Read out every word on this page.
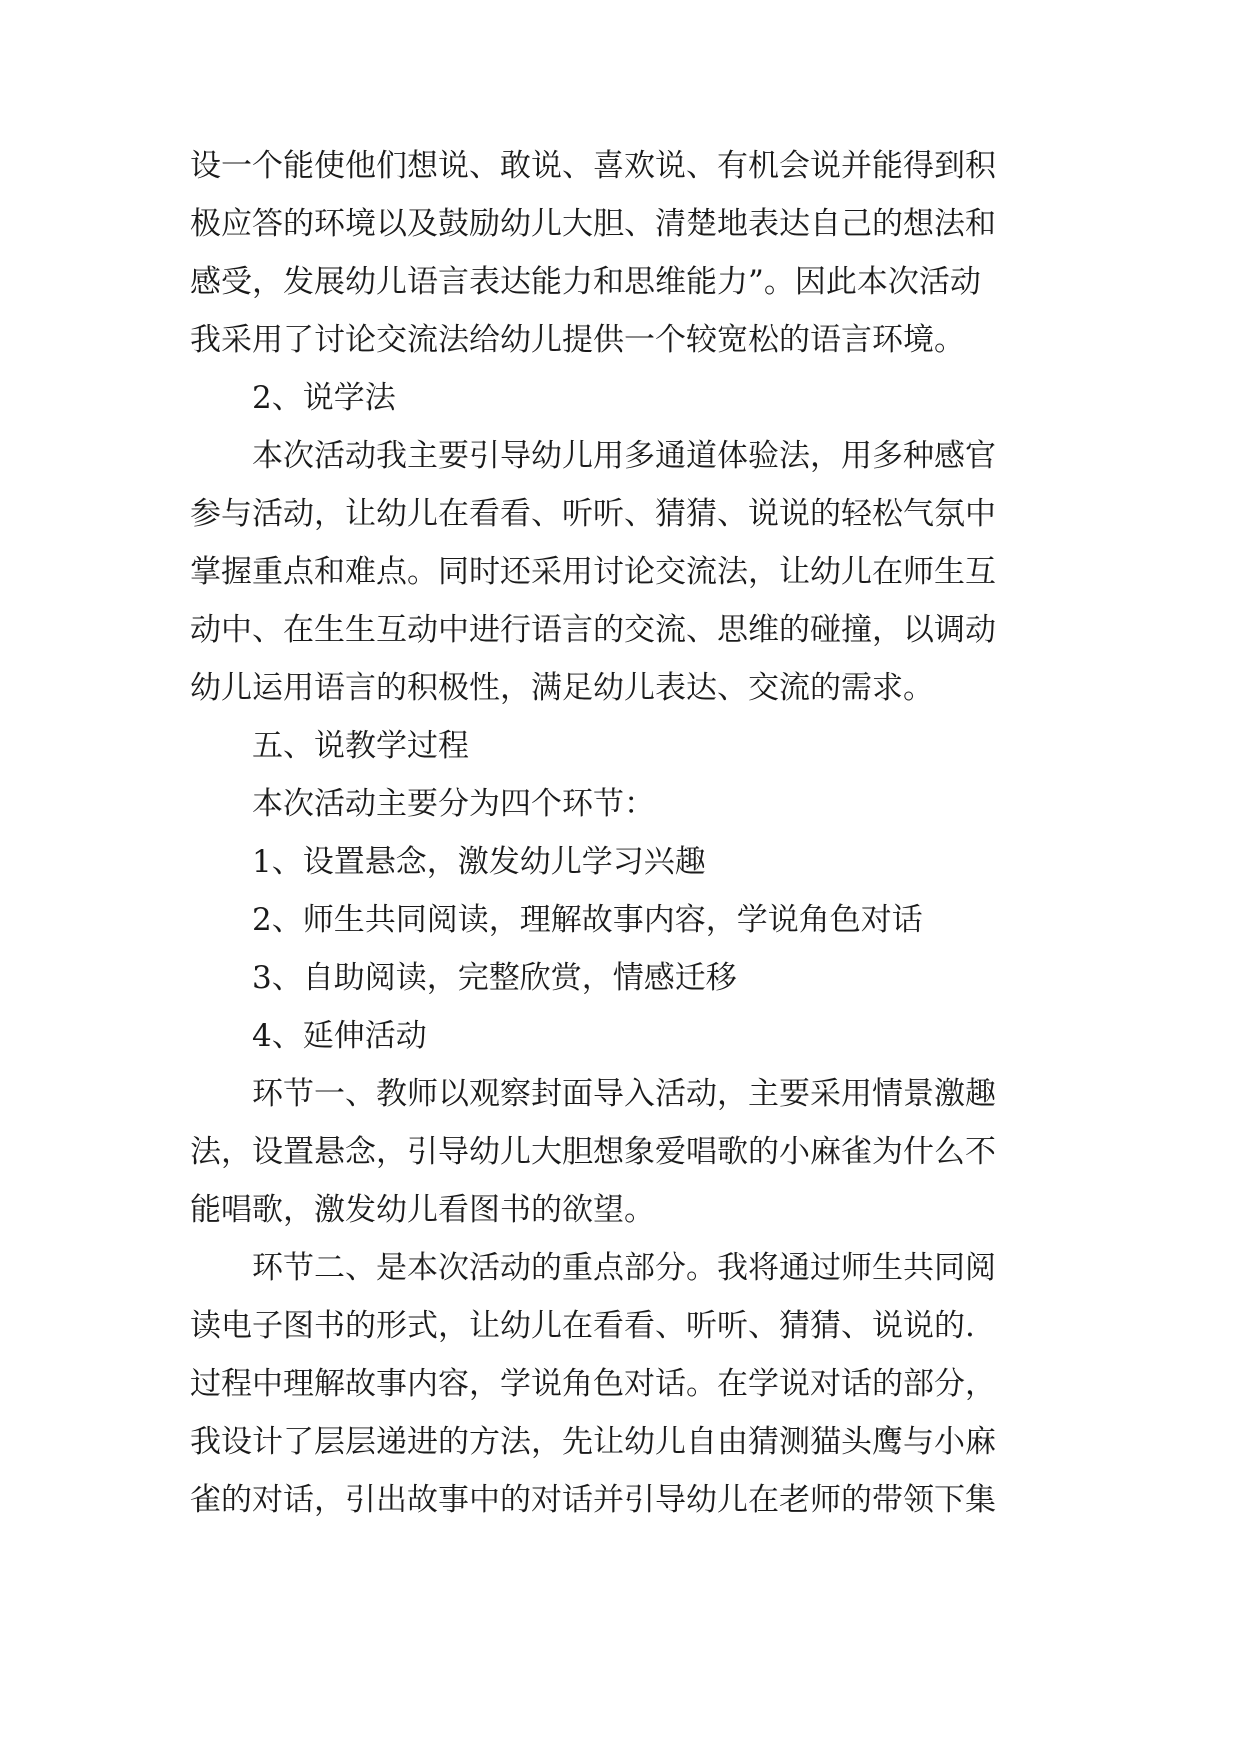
设一个能使他们想说、敢说、喜欢说、有机会说并能得到积
极应答的环境以及鼓励幼儿大胆、清楚地表达自己的想法和
感受，发展幼儿语言表达能力和思维能力”。因此本次活动
我采用了讨论交流法给幼儿提供一个较宽松的语言环境。
2、说学法
本次活动我主要引导幼儿用多通道体验法，用多种感官
参与活动，让幼儿在看看、听听、猜猜、说说的轻松气氛中
掌握重点和难点。同时还采用讨论交流法，让幼儿在师生互
动中、在生生互动中进行语言的交流、思维的碰撞，以调动
幼儿运用语言的积极性，满足幼儿表达、交流的需求。
五、说教学过程
本次活动主要分为四个环节：
1、设置悬念，激发幼儿学习兴趣
2、师生共同阅读，理解故事内容，学说角色对话
3、自助阅读，完整欣赏，情感迁移
4、延伸活动
环节一、教师以观察封面导入活动，主要采用情景激趣
法，设置悬念，引导幼儿大胆想象爱唱歌的小麻雀为什么不
能唱歌，激发幼儿看图书的欲望。
环节二、是本次活动的重点部分。我将通过师生共同阅
读电子图书的形式，让幼儿在看看、听听、猜猜、说说的.
过程中理解故事内容，学说角色对话。在学说对话的部分，
我设计了层层递进的方法，先让幼儿自由猜测猫头鹰与小麻
雀的对话，引出故事中的对话并引导幼儿在老师的带领下集
